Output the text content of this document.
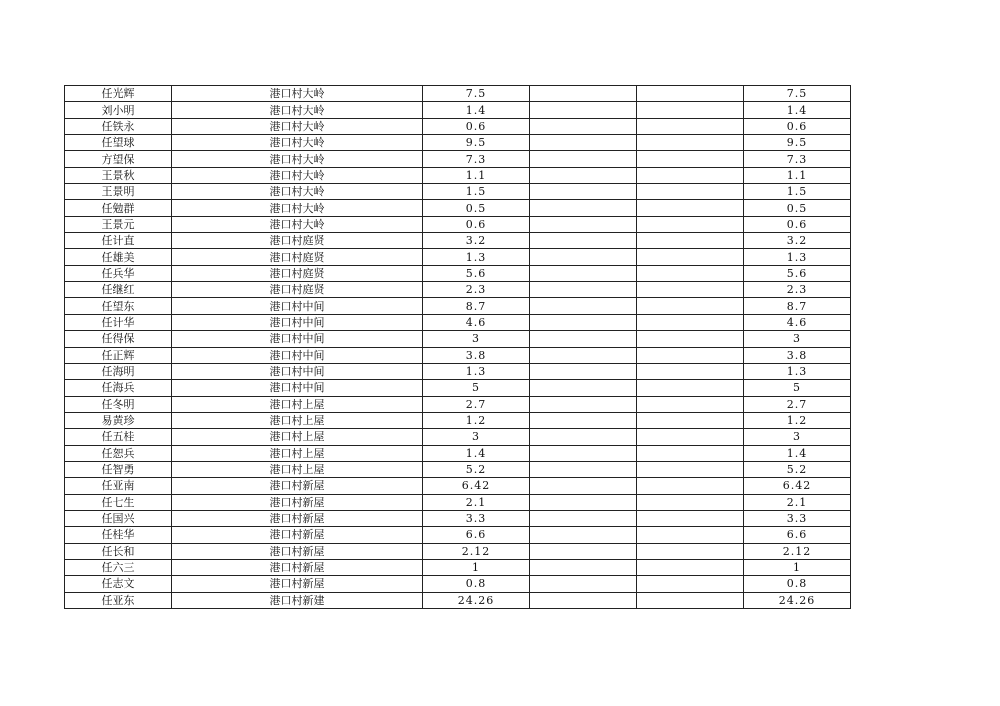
任光辉	港口村大岭	7.5			7.5
刘小明	港口村大岭	1.4			1.4
任铁永	港口村大岭	0.6			0.6
任望球	港口村大岭	9.5			9.5
方望保	港口村大岭	7.3			7.3
王景秋	港口村大岭	1.1			1.1
王景明	港口村大岭	1.5			1.5
任勉群	港口村大岭	0.5			0.5
王景元	港口村大岭	0.6			0.6
任计直	港口村庭贤	3.2			3.2
任雄美	港口村庭贤	1.3			1.3
任兵华	港口村庭贤	5.6			5.6
任继红	港口村庭贤	2.3			2.3
任望东	港口村中间	8.7			8.7
任计华	港口村中间	4.6			4.6
任得保	港口村中间	3			3
任正辉	港口村中间	3.8			3.8
任海明	港口村中间	1.3			1.3
任海兵	港口村中间	5			5
任冬明	港口村上屋	2.7			2.7
易黄珍	港口村上屋	1.2			1.2
任五桂	港口村上屋	3			3
任恕兵	港口村上屋	1.4			1.4
任智勇	港口村上屋	5.2			5.2
任亚南	港口村新屋	6.42			6.42
任七生	港口村新屋	2.1			2.1
任国兴	港口村新屋	3.3			3.3
任桂华	港口村新屋	6.6			6.6
任长和	港口村新屋	2.12			2.12
任六三	港口村新屋	1			1
任志文	港口村新屋	0.8			0.8
任亚东	港口村新建	24.26			24.26
